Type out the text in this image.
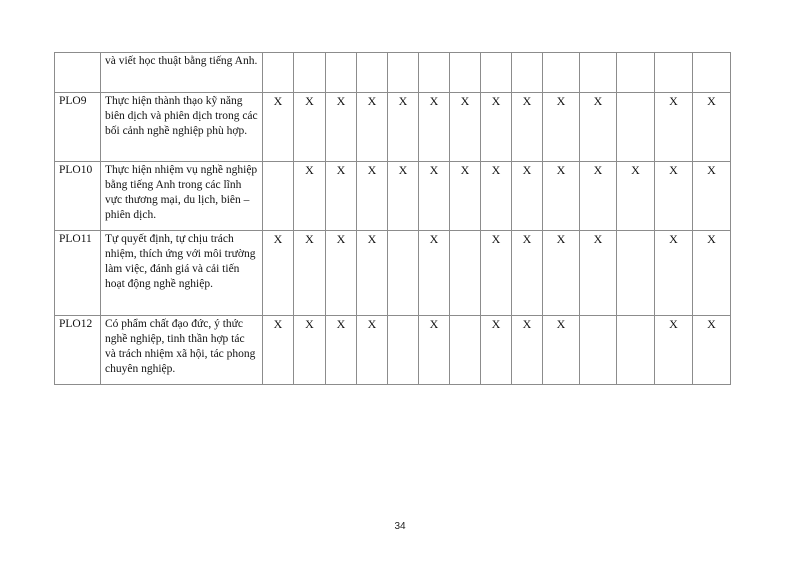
	và viết học thuật bằng tiếng Anh.														
PLO9	Thực hiện thành thạo kỹ năng biên dịch và phiên dịch trong các bối cảnh nghề nghiệp phù hợp.	X	X	X	X	X	X	X	X	X	X	X		X	X
PLO10	Thực hiện nhiệm vụ nghề nghiệp bằng tiếng Anh trong các lĩnh vực thương mại, du lịch, biên – phiên dịch.		X	X	X	X	X	X	X	X	X	X	X	X	X
PLO11	Tự quyết định, tự chịu trách nhiệm, thích ứng với môi trường làm việc, đánh giá và cải tiến hoạt động nghề nghiệp.	X	X	X	X		X		X	X	X	X		X	X
PLO12	Có phẩm chất đạo đức, ý thức nghề nghiệp, tinh thần hợp tác và trách nhiệm xã hội, tác phong chuyên nghiệp.	X	X	X	X		X		X	X	X			X	X
34
